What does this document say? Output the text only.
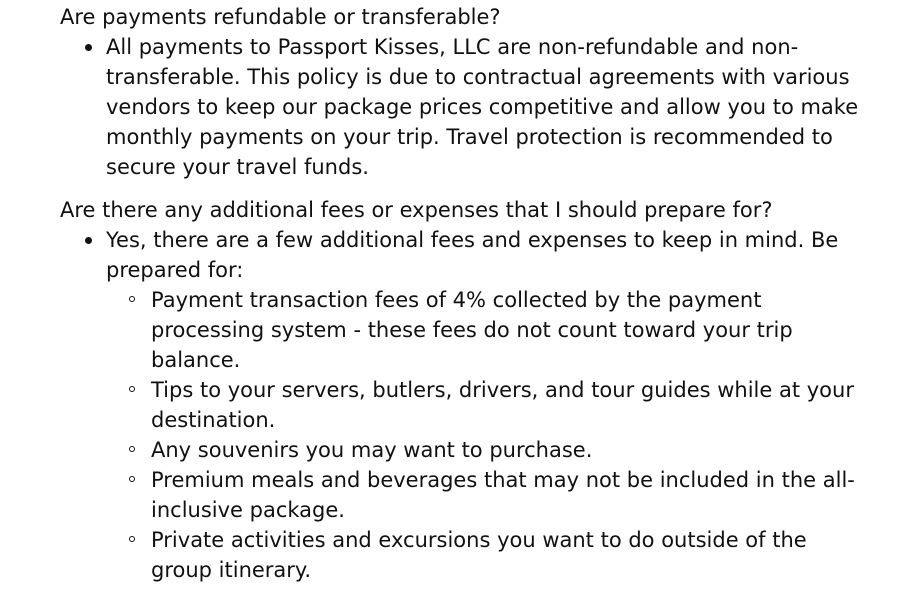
Are payments refundable or transferable?

All payments to Passport Kisses, LLC are non-refundable and non-transferable. This policy is due to contractual agreements with various vendors to keep our package prices competitive and allow you to make monthly payments on your trip. Travel protection is recommended to secure your travel funds.

Are there any additional fees or expenses that I should prepare for?

Yes, there are a few additional fees and expenses to keep in mind. Be prepared for:
Payment transaction fees of 4% collected by the payment processing system - these fees do not count toward your trip balance.
Tips to your servers, butlers, drivers, and tour guides while at your destination.
Any souvenirs you may want to purchase.
Premium meals and beverages that may not be included in the all-inclusive package.
Private activities and excursions you want to do outside of the group itinerary.
